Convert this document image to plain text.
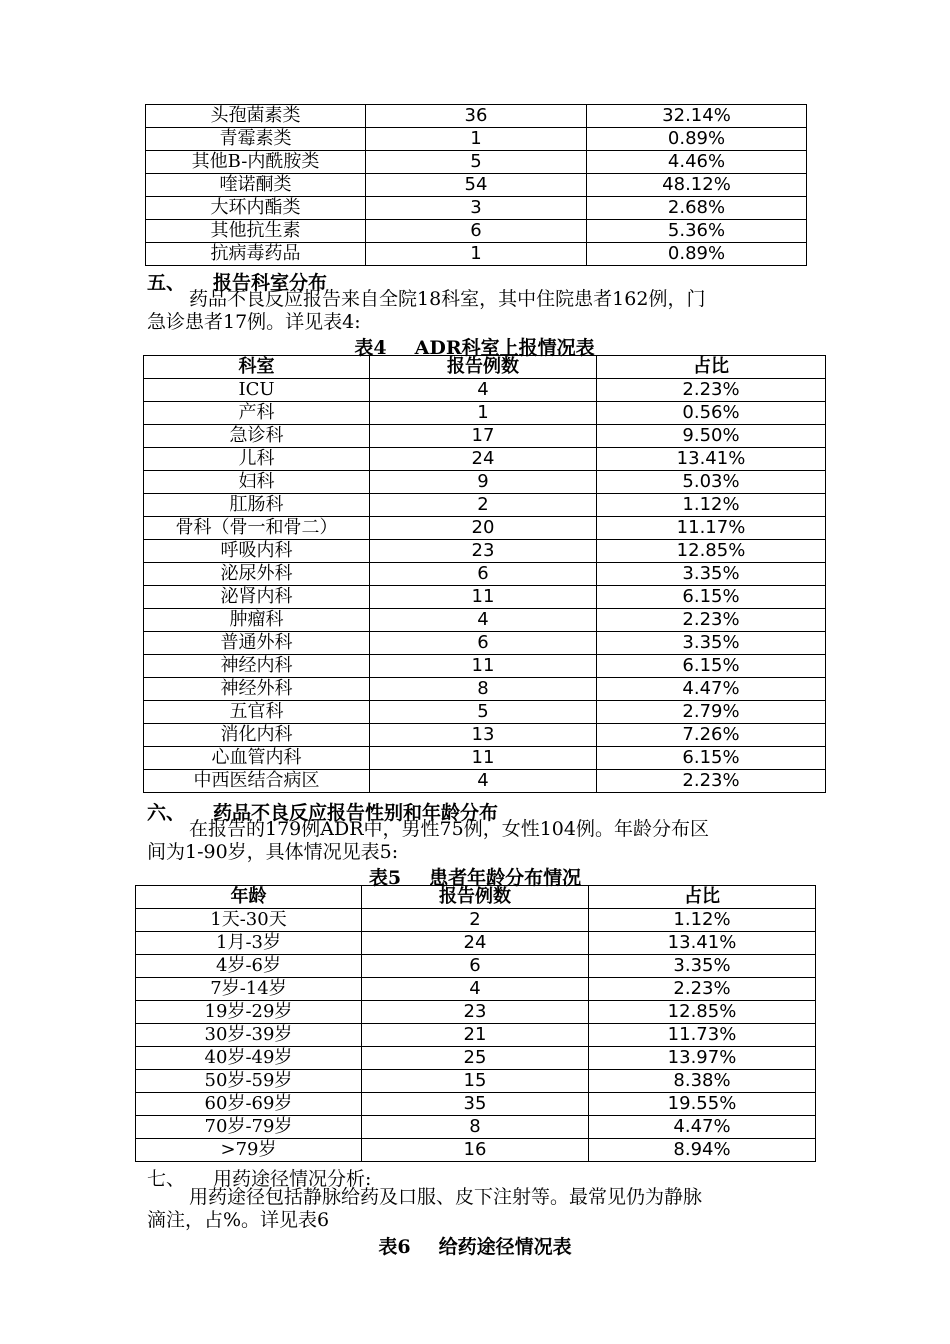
头孢菌素类	36	32.14%
青霉素类	1	0.89%
其他B-内酰胺类	5	4.46%
喹诺酮类	54	48.12%
大环内酯类	3	2.68%
其他抗生素	6	5.36%
抗病毒药品	1	0.89%
五、 报告科室分布
药品不良反应报告来自全院18科室，其中住院患者162例，门
急诊患者17例。详见表4:
表4 ADR科室上报情况表
科室	报告例数	占比
ICU	4	2.23%
产科	1	0.56%
急诊科	17	9.50%
儿科	24	13.41%
妇科	9	5.03%
肛肠科	2	1.12%
骨科（骨一和骨二）	20	11.17%
呼吸内科	23	12.85%
泌尿外科	6	3.35%
泌肾内科	11	6.15%
肿瘤科	4	2.23%
普通外科	6	3.35%
神经内科	11	6.15%
神经外科	8	4.47%
五官科	5	2.79%
消化内科	13	7.26%
心血管内科	11	6.15%
中西医结合病区	4	2.23%
六、 药品不良反应报告性别和年龄分布
在报告的179例ADR中，男性75例，女性104例。年龄分布区
间为1-90岁，具体情况见表5:
表5 患者年龄分布情况
年龄	报告例数	占比
1天-30天	2	1.12%
1月-3岁	24	13.41%
4岁-6岁	6	3.35%
7岁-14岁	4	2.23%
19岁-29岁	23	12.85%
30岁-39岁	21	11.73%
40岁-49岁	25	13.97%
50岁-59岁	15	8.38%
60岁-69岁	35	19.55%
70岁-79岁	8	4.47%
>79岁	16	8.94%
七、 用药途径情况分析:
用药途径包括静脉给药及口服、皮下注射等。最常见仍为静脉
滴注，占%。详见表6
表6 给药途径情况表
